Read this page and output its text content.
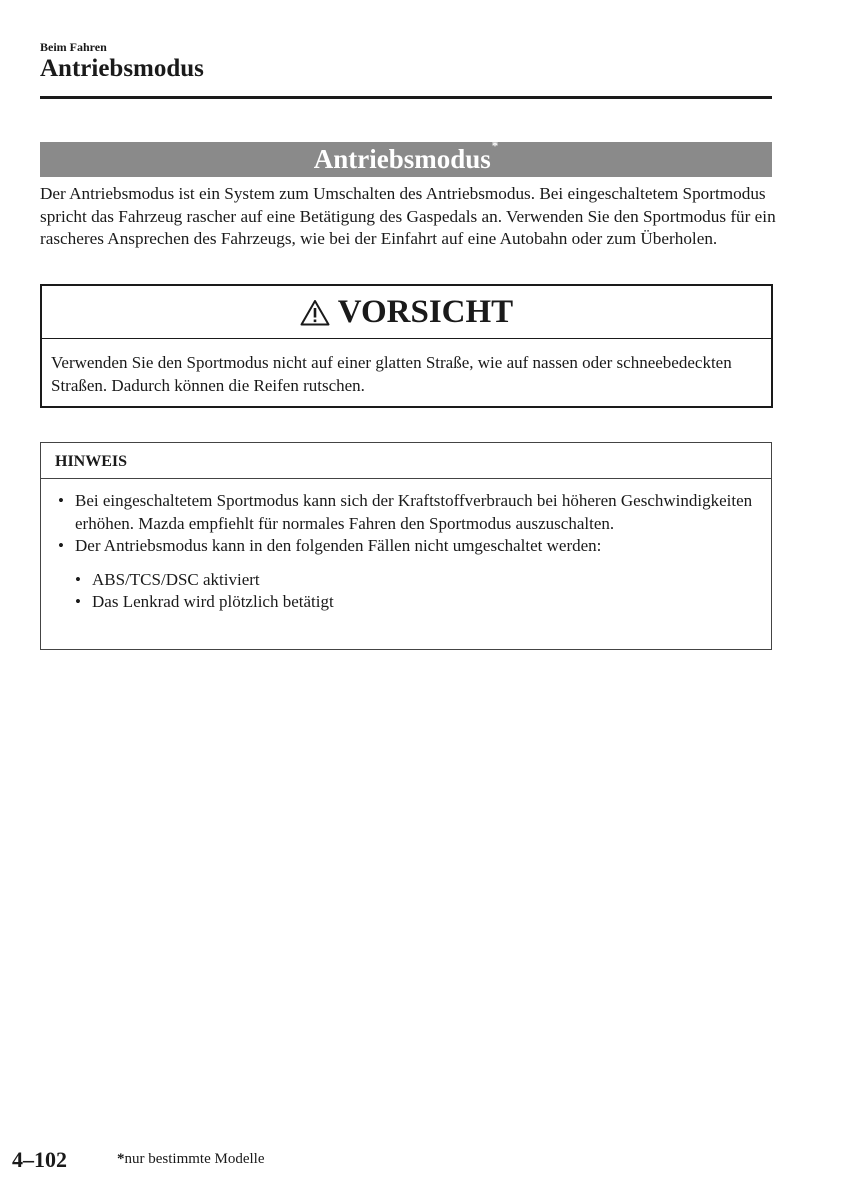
Beim Fahren
Antriebsmodus
Antriebsmodus*

Der Antriebsmodus ist ein System zum Umschalten des Antriebsmodus. Bei eingeschaltetem Sportmodus spricht das Fahrzeug rascher auf eine Betätigung des Gaspedals an. Verwenden Sie den Sportmodus für ein rascheres Ansprechen des Fahrzeugs, wie bei der Einfahrt auf eine Autobahn oder zum Überholen.

VORSICHT

Verwenden Sie den Sportmodus nicht auf einer glatten Straße, wie auf nassen oder schneebedeckten Straßen. Dadurch können die Reifen rutschen.

HINWEIS
• Bei eingeschaltetem Sportmodus kann sich der Kraftstoffverbrauch bei höheren Geschwindigkeiten erhöhen. Mazda empfiehlt für normales Fahren den Sportmodus auszuschalten.
• Der Antriebsmodus kann in den folgenden Fällen nicht umgeschaltet werden:
• ABS/TCS/DSC aktiviert
• Das Lenkrad wird plötzlich betätigt
4–102	*nur bestimmte Modelle
